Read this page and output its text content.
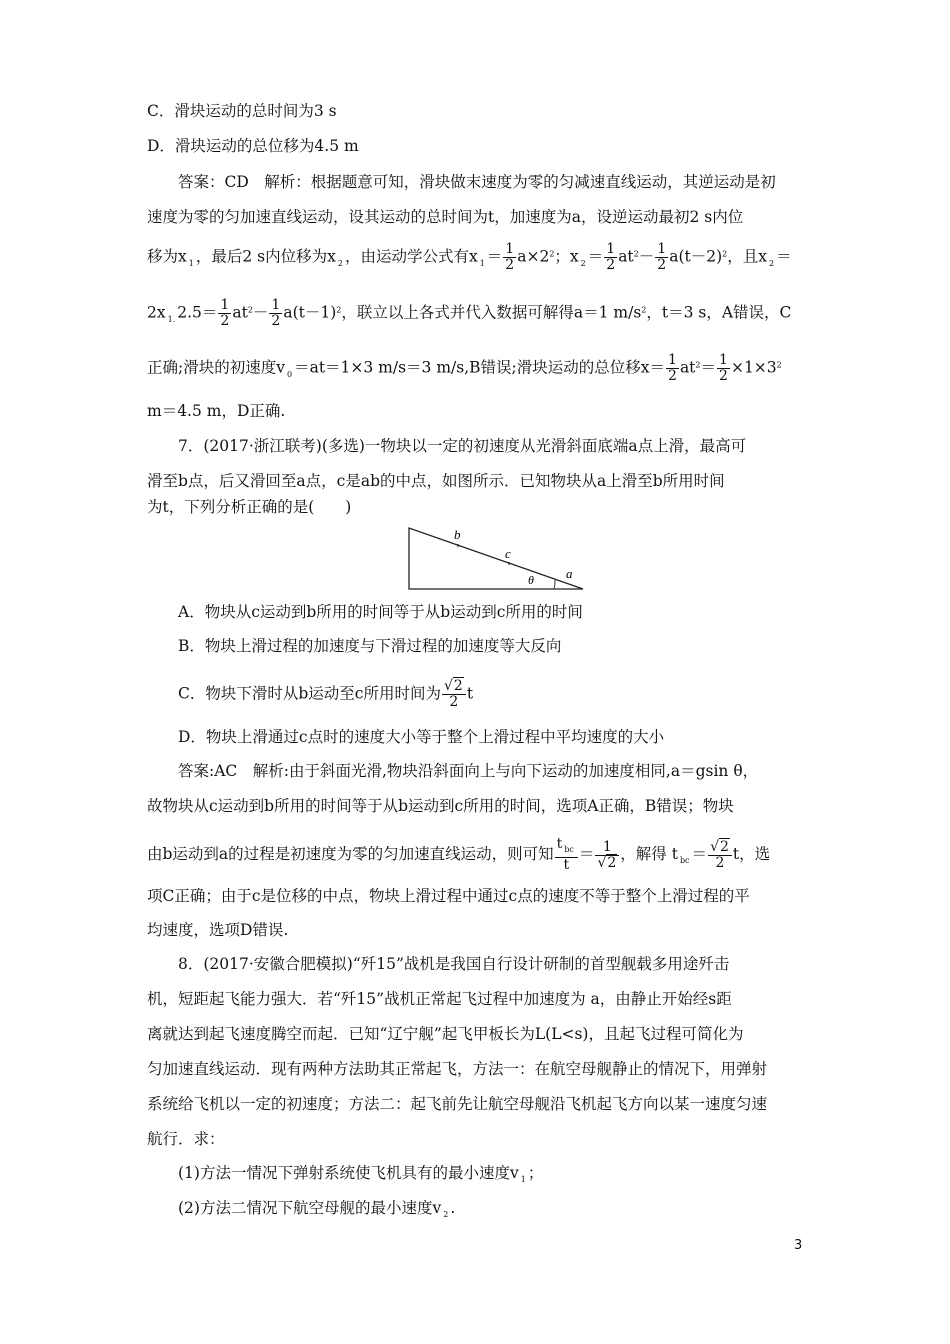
C．滑块运动的总时间为3 s
D．滑块运动的总位移为4.5 m
答案：CD　解析：根据题意可知，滑块做末速度为零的匀减速直线运动，其逆运动是初
速度为零的匀加速直线运动，设其运动的总时间为t，加速度为a，设逆运动最初2 s内位
移为x $_1$ ，最后2 s内位移为x $_2$ ，由运动学公式有x $_1 = \frac{1}{2} a\times 2^2$；x $_2 = \frac{1}{2} at^2- \frac{1}{2} a(t-2)^2$，且x $_2$ ＝
2x $_{1.}$ $2.5= \frac{1}{2} at^2- \frac{1}{2} a(t-1)^2$，联立以上各式并代入数据可解得a＝1 $m/s^2$，t＝3 s，A错误，C
正确;滑块的初速度v $_0$ ＝at＝1×3 m/s＝3 m/s,B错误;滑块运动的总位移$x= \frac{1}{2} at^2= \frac{1}{2} \times 1\times 3^2$
m＝4.5 m，D正确.
7．(2017·浙江联考)(多选)一物块以一定的初速度从光滑斜面底端a点上滑，最高可
滑至b点，后又滑回至a点，c是ab的中点，如图所示．已知物块从a上滑至b所用时间
为t，下列分析正确的是(　　)
b
c
θ a
A．物块从c运动到b所用的时间等于从b运动到c所用的时间
B．物块上滑过程的加速度与下滑过程的加速度等大反向
C．物块下滑时从b运动至c所用时间为 $\frac{√2}{2}$ t
D．物块上滑通过c点时的速度大小等于整个上滑过程中平均速度的大小
答案:AC　解析:由于斜面光滑,物块沿斜面向上与向下运动的加速度相同,a＝gsin θ，
故物块从c运动到b所用的时间等于从b运动到c所用的时间，选项A正确，B错误；物块
由b运动到a的过程是初速度为零的匀加速直线运动，则可知
t $_{bc}$
t
＝ $\frac{1}{√2}$ ，解得 t $_{bc} = \frac{√2}{2}$ t，选
项C正确；由于c是位移的中点，物块上滑过程中通过c点的速度不等于整个上滑过程的平
均速度，选项D错误.
8．(2017·安徽合肥模拟)“歼15”战机是我国自行设计研制的首型舰载多用途歼击
机，短距起飞能力强大．若“歼15”战机正常起飞过程中加速度为 a，由静止开始经s距
离就达到起飞速度腾空而起．已知“辽宁舰”起飞甲板长为L(L<s)，且起飞过程可简化为
匀加速直线运动．现有两种方法助其正常起飞，方法一：在航空母舰静止的情况下，用弹射
系统给飞机以一定的初速度；方法二：起飞前先让航空母舰沿飞机起飞方向以某一速度匀速
航行．求：
(1)方法一情况下弹射系统使飞机具有的最小速度v $_1$ ；
(2)方法二情况下航空母舰的最小速度v $_2$ .
3
